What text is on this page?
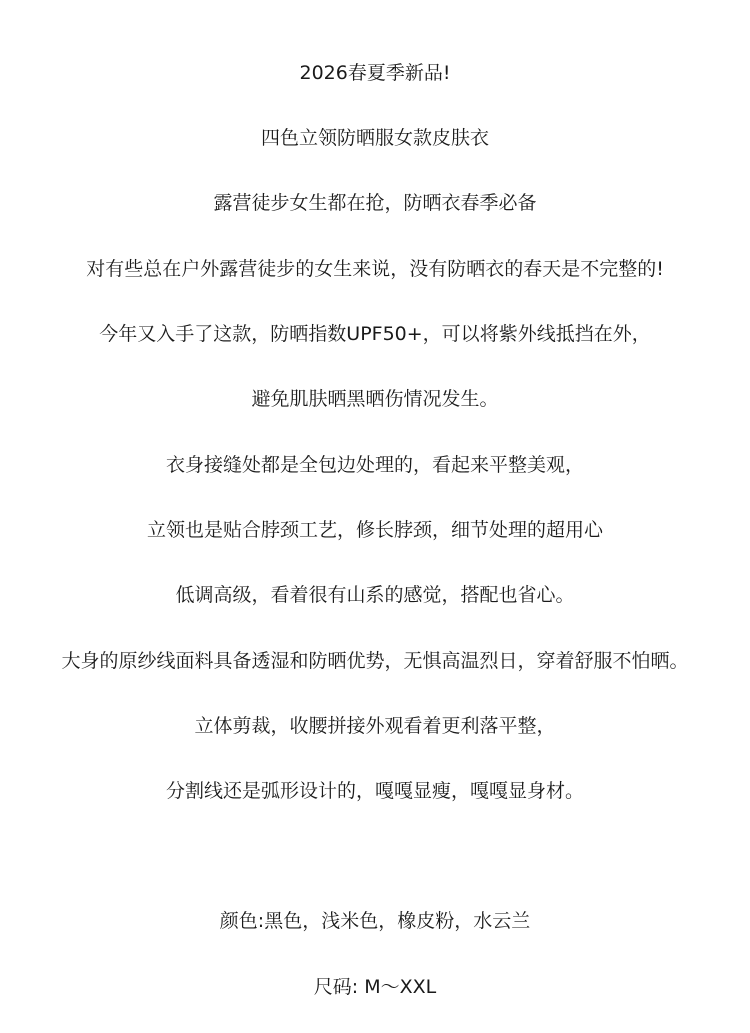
2026春夏季新品!
四色立领防晒服女款皮肤衣
露营徒步女生都在抢，防晒衣春季必备
对有些总在户外露营徒步的女生来说，没有防晒衣的春天是不完整的!
今年又入手了这款，防晒指数UPF50+，可以将紫外线抵挡在外，
避免肌肤晒黑晒伤情况发生。
衣身接缝处都是全包边处理的，看起来平整美观，
立领也是贴合脖颈工艺，修长脖颈，细节处理的超用心
低调高级，看着很有山系的感觉，搭配也省心。
大身的原纱线面料具备透湿和防晒优势，无惧高温烈日，穿着舒服不怕晒。
立体剪裁，收腰拼接外观看着更利落平整，
分割线还是弧形设计的，嘎嘎显瘦，嘎嘎显身材。
颜色:黑色，浅米色，橡皮粉，水云兰
尺码: M～XXL
